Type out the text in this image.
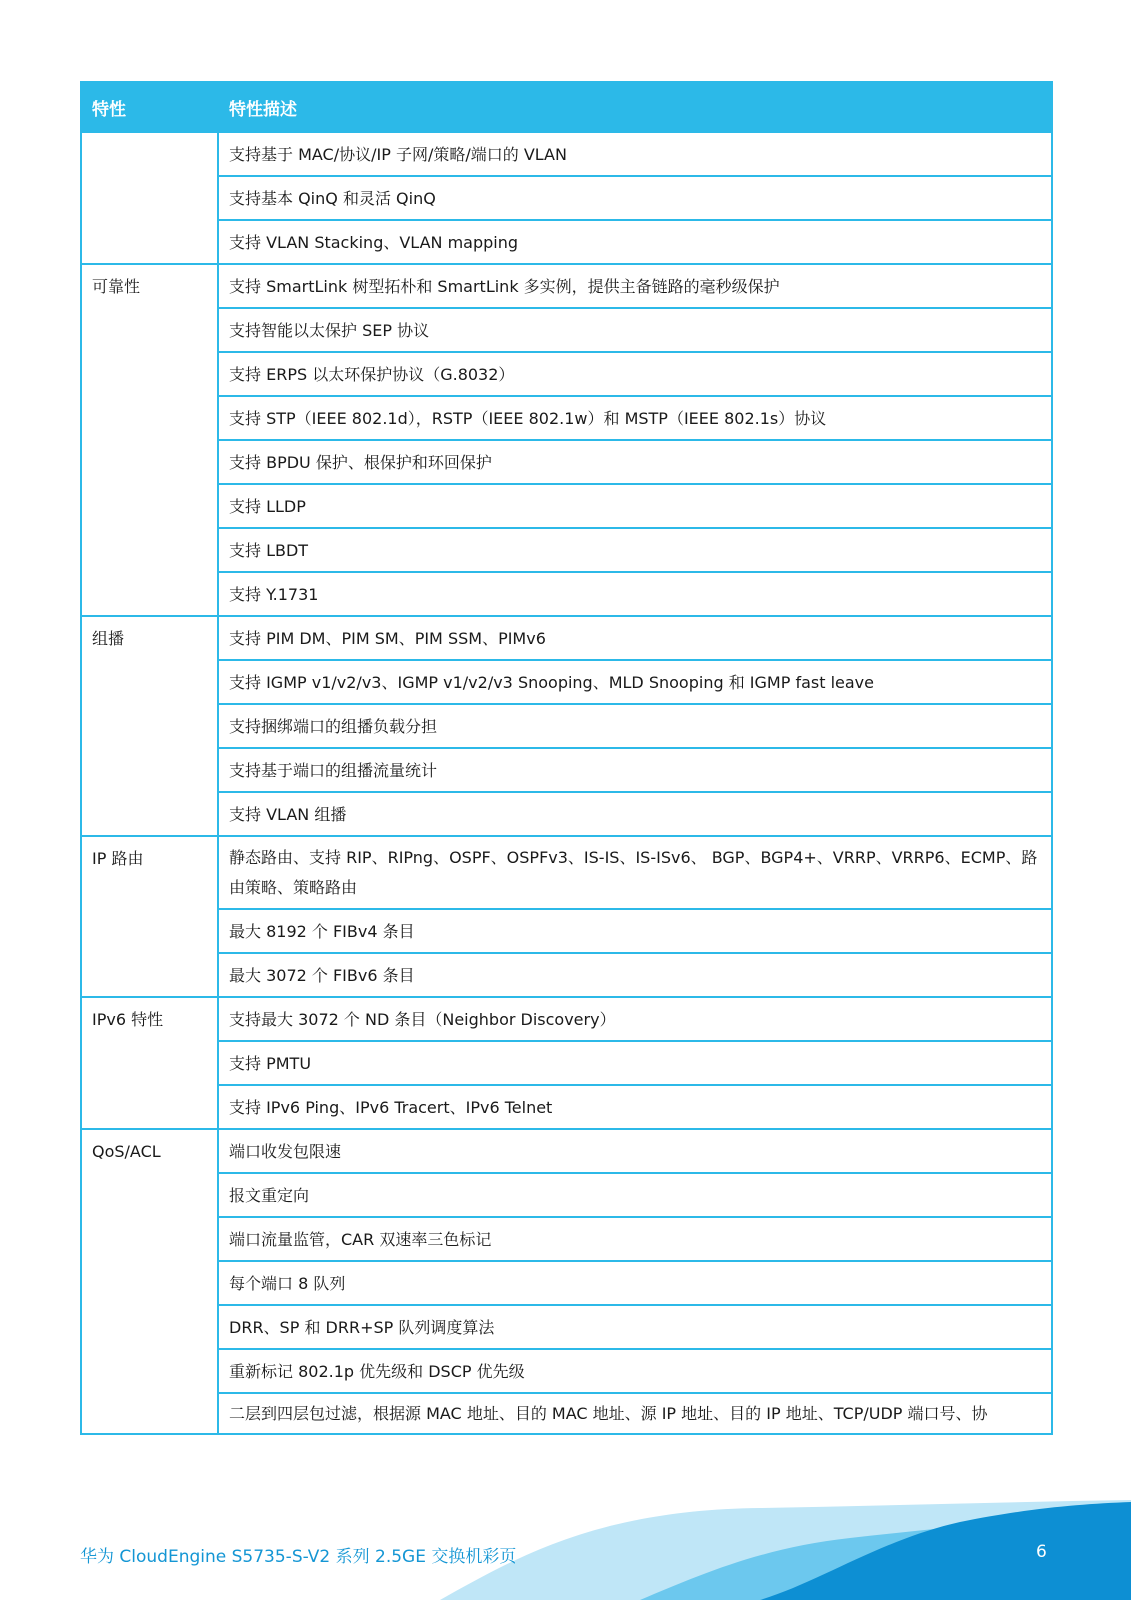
特性	特性描述
	支持基于 MAC/协议/IP 子网/策略/端口的 VLAN
	支持基本 QinQ 和灵活 QinQ
	支持 VLAN Stacking、VLAN mapping
可靠性	支持 SmartLink 树型拓朴和 SmartLink 多实例，提供主备链路的毫秒级保护
	支持智能以太保护 SEP 协议
	支持 ERPS 以太环保护协议（G.8032）
	支持 STP（IEEE 802.1d），RSTP（IEEE 802.1w）和 MSTP（IEEE 802.1s）协议
	支持 BPDU 保护、根保护和环回保护
	支持 LLDP
	支持 LBDT
	支持 Y.1731
组播	支持 PIM DM、PIM SM、PIM SSM、PIMv6
	支持 IGMP v1/v2/v3、IGMP v1/v2/v3 Snooping、MLD Snooping 和 IGMP fast leave
	支持捆绑端口的组播负载分担
	支持基于端口的组播流量统计
	支持 VLAN 组播
IP 路由	静态路由、支持 RIP、RIPng、OSPF、OSPFv3、IS-IS、IS-ISv6、 BGP、BGP4+、VRRP、VRRP6、ECMP、路由策略、策略路由
	最大 8192 个 FIBv4 条目
	最大 3072 个 FIBv6 条目
IPv6 特性	支持最大 3072 个 ND 条目（Neighbor Discovery）
	支持 PMTU
	支持 IPv6 Ping、IPv6 Tracert、IPv6 Telnet
QoS/ACL	端口收发包限速
	报文重定向
	端口流量监管，CAR 双速率三色标记
	每个端口 8 队列
	DRR、SP 和 DRR+SP 队列调度算法
	重新标记 802.1p 优先级和 DSCP 优先级
	二层到四层包过滤，根据源 MAC 地址、目的 MAC 地址、源 IP 地址、目的 IP 地址、TCP/UDP 端口号、协
华为 CloudEngine S5735-S-V2 系列 2.5GE 交换机彩页	6
